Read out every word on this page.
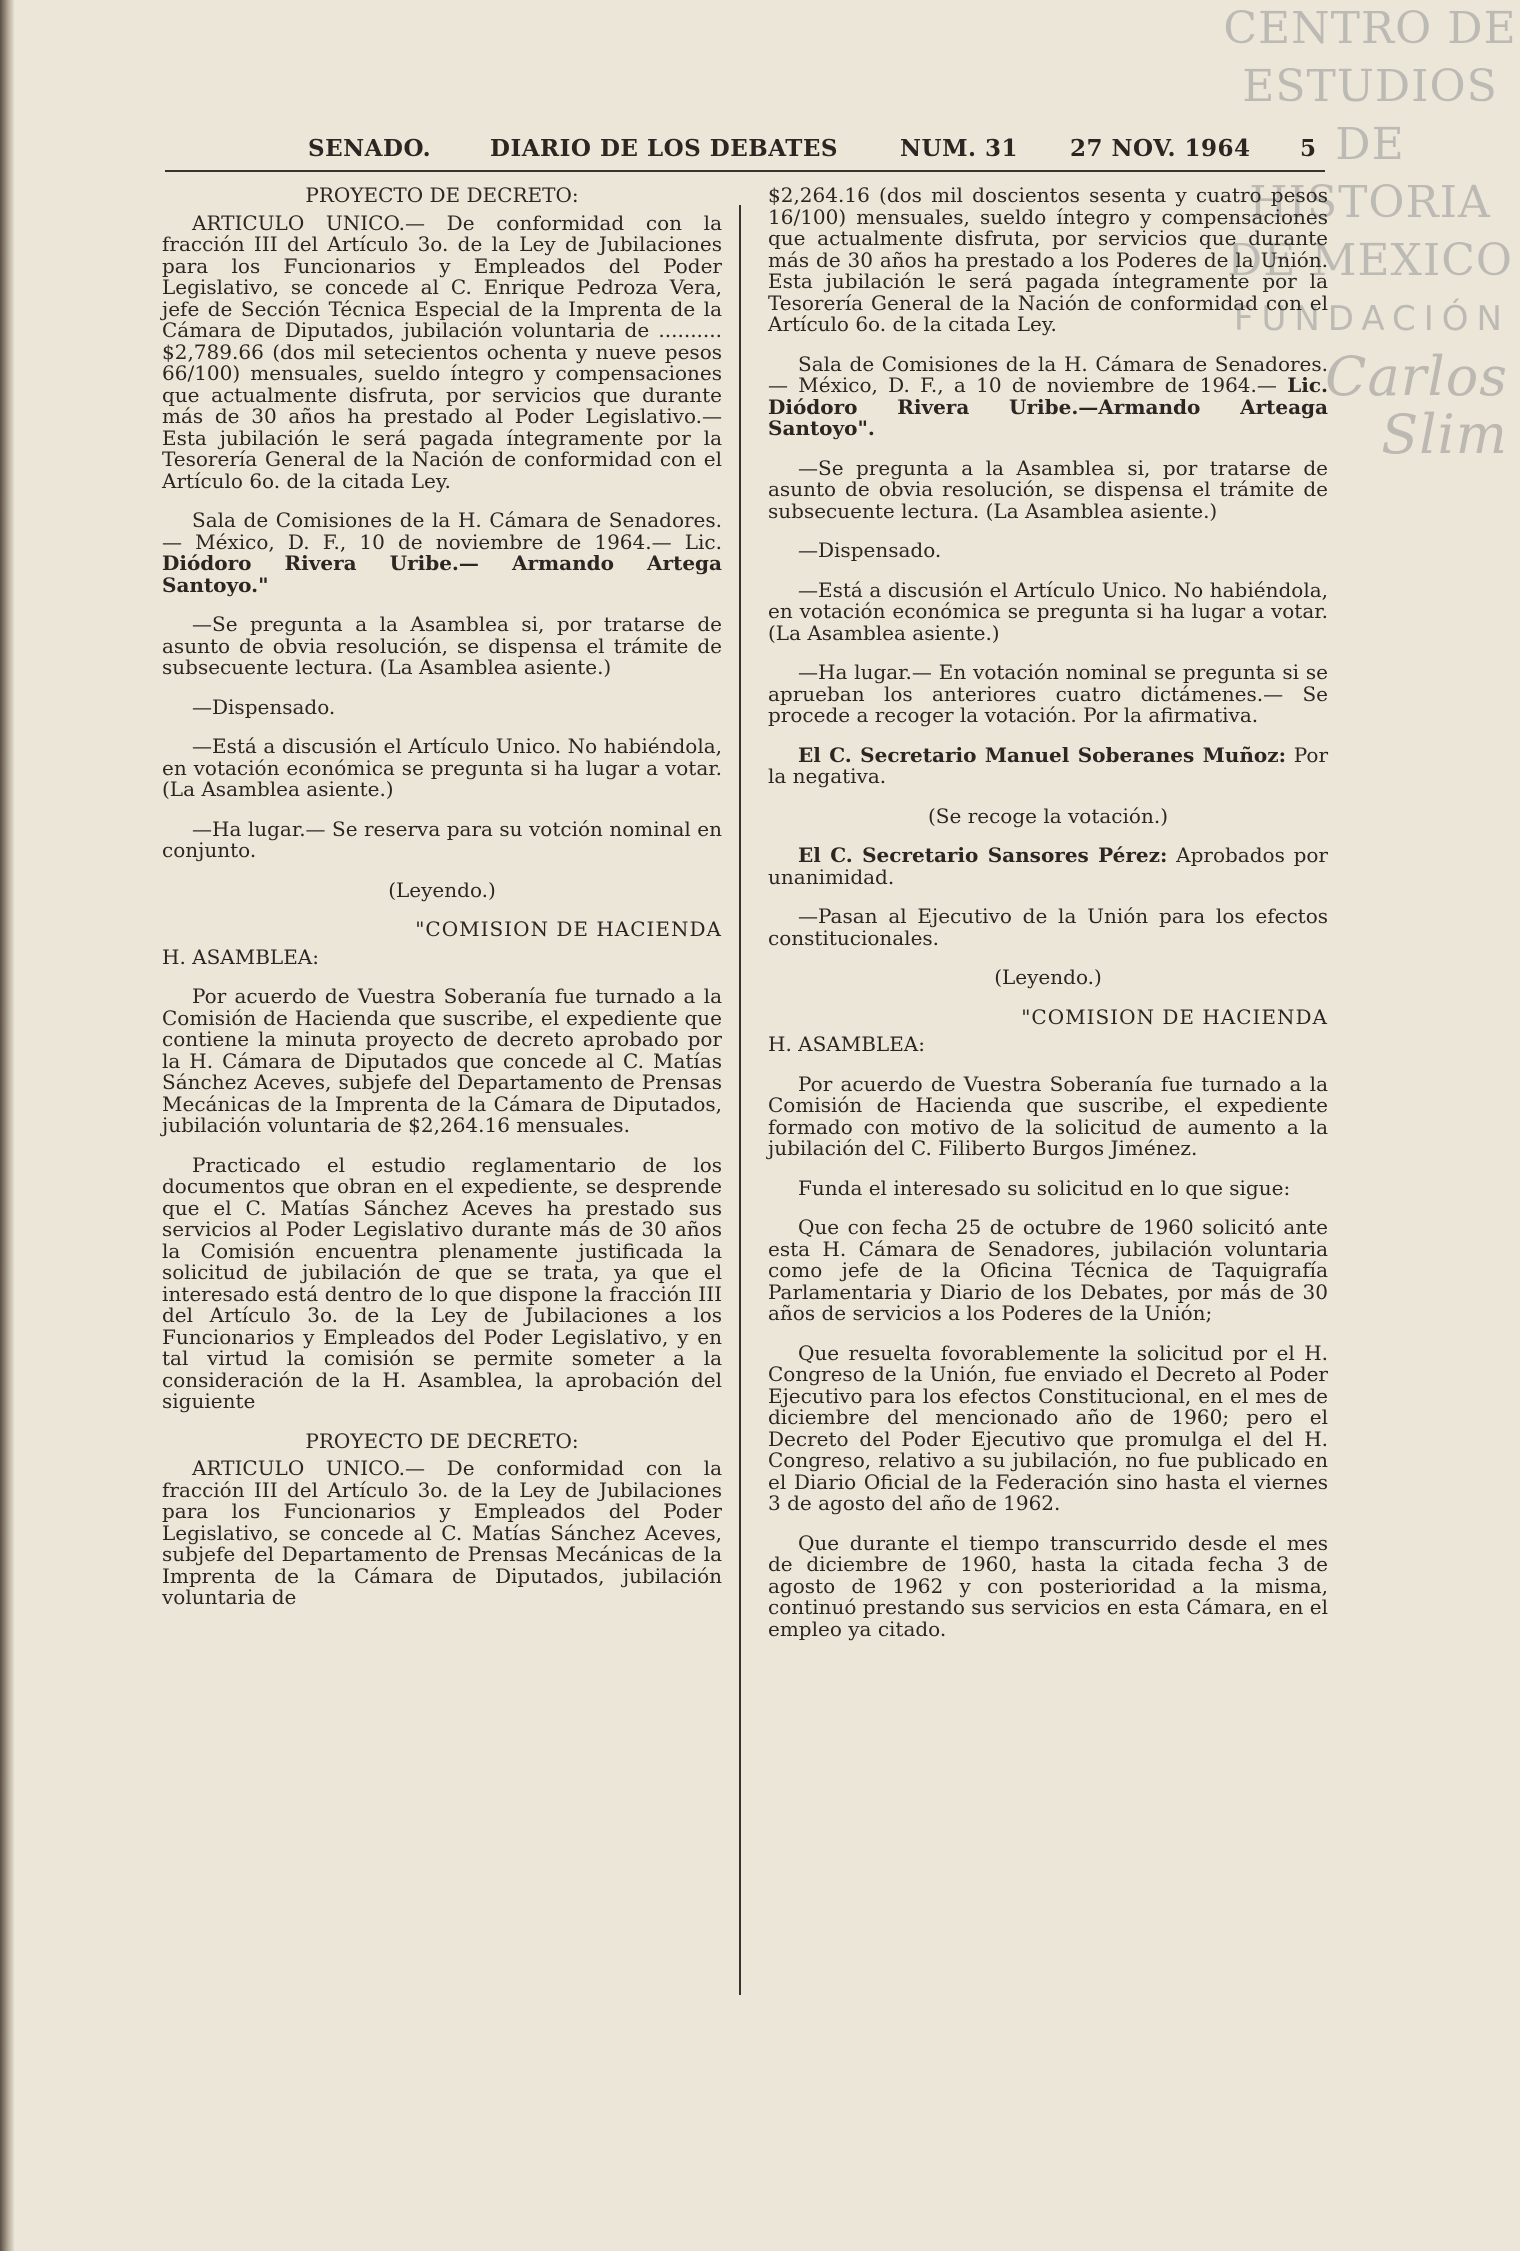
CENTRO DE
ESTUDIOS
DE HISTORIA
DE MEXICO
FUNDACIÓN
Carlos Slim
SENADO.	DIARIO DE LOS DEBATES	NUM. 31 27 NOV. 1964 5

PROYECTO DE DECRETO:

ARTICULO UNICO.— De conformidad con la fracción III del Artículo 3o. de la Ley de Jubilaciones para los Funcionarios y Empleados del Poder Legislativo, se concede al C. Enrique Pedroza Vera, jefe de Sección Técnica Especial de la Imprenta de la Cámara de Diputados, jubilación voluntaria de .......... $2,789.66 (dos mil setecientos ochenta y nueve pesos 66/100) mensuales, sueldo íntegro y compensaciones que actualmente disfruta, por servicios que durante más de 30 años ha prestado al Poder Legislativo.— Esta jubilación le será pagada íntegramente por la Tesorería General de la Nación de conformidad con el Artículo 6o. de la citada Ley.

Sala de Comisiones de la H. Cámara de Senadores.— México, D. F., 10 de noviembre de 1964.— Lic. Diódoro Rivera Uribe.— Armando Artega Santoyo."

—Se pregunta a la Asamblea si, por tratarse de asunto de obvia resolución, se dispensa el trámite de subsecuente lectura. (La Asamblea asiente.)

—Dispensado.

—Está a discusión el Artículo Unico. No habiéndola, en votación económica se pregunta si ha lugar a votar. (La Asamblea asiente.)

—Ha lugar.— Se reserva para su votción nominal en conjunto.

(Leyendo.)

"COMISION DE HACIENDA

H. ASAMBLEA:

Por acuerdo de Vuestra Soberanía fue turnado a la Comisión de Hacienda que suscribe, el expediente que contiene la minuta proyecto de decreto aprobado por la H. Cámara de Diputados que concede al C. Matías Sánchez Aceves, subjefe del Departamento de Prensas Mecánicas de la Imprenta de la Cámara de Diputados, jubilación voluntaria de $2,264.16 mensuales.

Practicado el estudio reglamentario de los documentos que obran en el expediente, se desprende que el C. Matías Sánchez Aceves ha prestado sus servicios al Poder Legislativo durante más de 30 años la Comisión encuentra plenamente justificada la solicitud de jubilación de que se trata, ya que el interesado está dentro de lo que dispone la fracción III del Artículo 3o. de la Ley de Jubilaciones a los Funcionarios y Empleados del Poder Legislativo, y en tal virtud la comisión se permite someter a la consideración de la H. Asamblea, la aprobación del siguiente

PROYECTO DE DECRETO:

ARTICULO UNICO.— De conformidad con la fracción III del Artículo 3o. de la Ley de Jubilaciones para los Funcionarios y Empleados del Poder Legislativo, se concede al C. Matías Sánchez Aceves, subjefe del Departamento de Prensas Mecánicas de la Imprenta de la Cámara de Diputados, jubilación voluntaria de

$2,264.16 (dos mil doscientos sesenta y cuatro pesos 16/100) mensuales, sueldo íntegro y compensaciones que actualmente disfruta, por servicios que durante más de 30 años ha prestado a los Poderes de la Unión. Esta jubilación le será pagada íntegramente por la Tesorería General de la Nación de conformidad con el Artículo 6o. de la citada Ley.

Sala de Comisiones de la H. Cámara de Senadores.— México, D. F., a 10 de noviembre de 1964.— Lic. Diódoro Rivera Uribe.—Armando Arteaga Santoyo".

—Se pregunta a la Asamblea si, por tratarse de asunto de obvia resolución, se dispensa el trámite de subsecuente lectura. (La Asamblea asiente.)

—Dispensado.

—Está a discusión el Artículo Unico. No habiéndola, en votación económica se pregunta si ha lugar a votar. (La Asamblea asiente.)

—Ha lugar.— En votación nominal se pregunta si se aprueban los anteriores cuatro dictámenes.— Se procede a recoger la votación. Por la afirmativa.

El C. Secretario Manuel Soberanes Muñoz: Por la negativa.

(Se recoge la votación.)

El C. Secretario Sansores Pérez: Aprobados por unanimidad.

—Pasan al Ejecutivo de la Unión para los efectos constitucionales.

(Leyendo.)

"COMISION DE HACIENDA

H. ASAMBLEA:

Por acuerdo de Vuestra Soberanía fue turnado a la Comisión de Hacienda que suscribe, el expediente formado con motivo de la solicitud de aumento a la jubilación del C. Filiberto Burgos Jiménez.

Funda el interesado su solicitud en lo que sigue:

Que con fecha 25 de octubre de 1960 solicitó ante esta H. Cámara de Senadores, jubilación voluntaria como jefe de la Oficina Técnica de Taquigrafía Parlamentaria y Diario de los Debates, por más de 30 años de servicios a los Poderes de la Unión;

Que resuelta fovorablemente la solicitud por el H. Congreso de la Unión, fue enviado el Decreto al Poder Ejecutivo para los efectos Constitucional, en el mes de diciembre del mencionado año de 1960; pero el Decreto del Poder Ejecutivo que promulga el del H. Congreso, relativo a su jubilación, no fue publicado en el Diario Oficial de la Federación sino hasta el viernes 3 de agosto del año de 1962.

Que durante el tiempo transcurrido desde el mes de diciembre de 1960, hasta la citada fecha 3 de agosto de 1962 y con posterioridad a la misma, continuó prestando sus servicios en esta Cámara, en el empleo ya citado.
